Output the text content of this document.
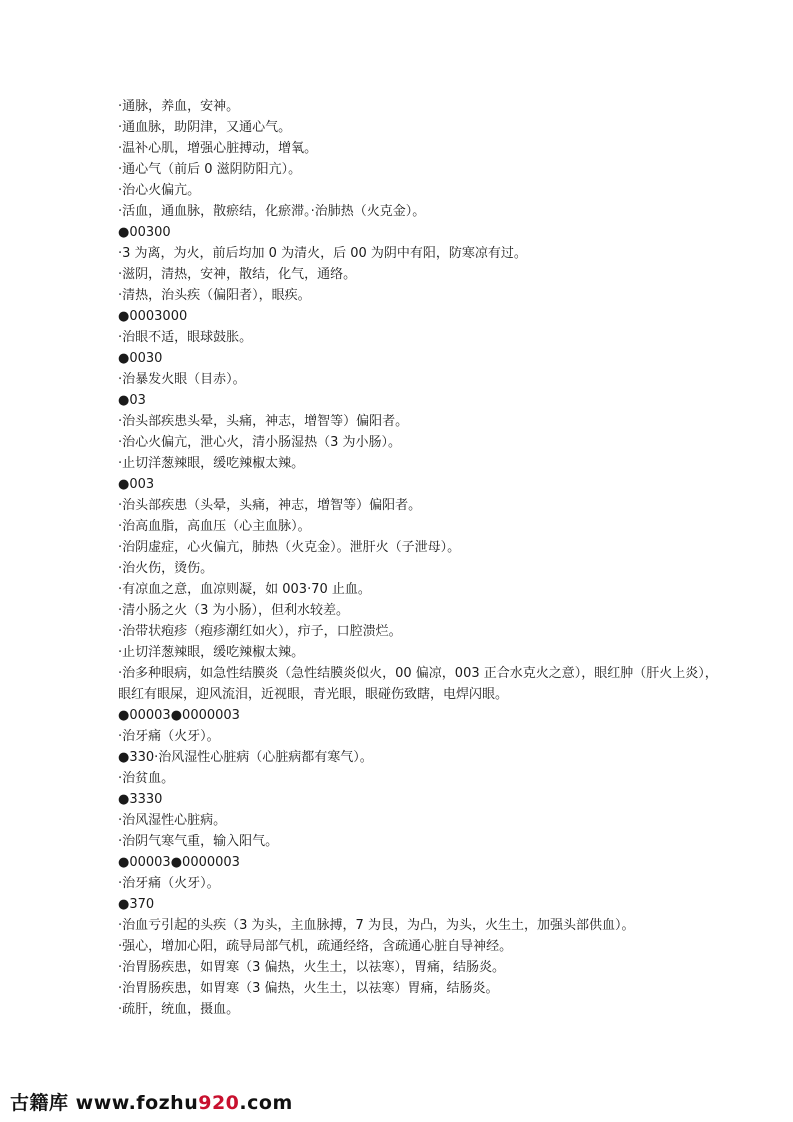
·通脉，养血，安神。
·通血脉，助阴津，又通心气。
·温补心肌，增强心脏搏动，增氧。
·通心气（前后 0 滋阴防阳亢）。
·治心火偏亢。
·活血，通血脉，散瘀结，化瘀滞。·治肺热（火克金）。
●00300
·3 为离，为火，前后均加 0 为清火，后 00 为阴中有阳，防寒凉有过。
·滋阴，清热，安神，散结，化气，通络。
·清热，治头疾（偏阳者），眼疾。
●0003000
·治眼不适，眼球鼓胀。
●0030
·治暴发火眼（目赤）。
●03
·治头部疾患头晕，头痛，神志，增智等）偏阳者。
·治心火偏亢，泄心火，清小肠湿热（3 为小肠）。
·止切洋葱辣眼，缓吃辣椒太辣。
●003
·治头部疾患（头晕，头痛，神志，增智等）偏阳者。
·治高血脂，高血压（心主血脉）。
·治阴虚症，心火偏亢，肺热（火克金）。泄肝火（子泄母）。
·治火伤，烫伤。
·有凉血之意，血凉则凝，如 003·70 止血。
·清小肠之火（3 为小肠），但利水较差。
·治带状疱疹（疱疹潮红如火），疖子，口腔溃烂。
·止切洋葱辣眼，缓吃辣椒太辣。
·治多种眼病，如急性结膜炎（急性结膜炎似火，00 偏凉，003 正合水克火之意），眼红肿（肝火上炎），眼红有眼屎，迎风流泪，近视眼，青光眼，眼碰伤致瞎，电焊闪眼。
●00003●0000003
·治牙痛（火牙）。
●330·治风湿性心脏病（心脏病都有寒气）。
·治贫血。
●3330
·治风湿性心脏病。
·治阴气寒气重，输入阳气。
●00003●0000003
·治牙痛（火牙）。
●370
·治血亏引起的头疾（3 为头，主血脉搏，7 为艮，为凸，为头，火生土，加强头部供血）。
·强心，增加心阳，疏导局部气机，疏通经络，含疏通心脏自导神经。
·治胃肠疾患，如胃寒（3 偏热，火生土，以祛寒），胃痛，结肠炎。
·治胃肠疾患，如胃寒（3 偏热，火生土，以祛寒）胃痛，结肠炎。
·疏肝，统血，摄血。
古籍库 www.fozhu920.com
